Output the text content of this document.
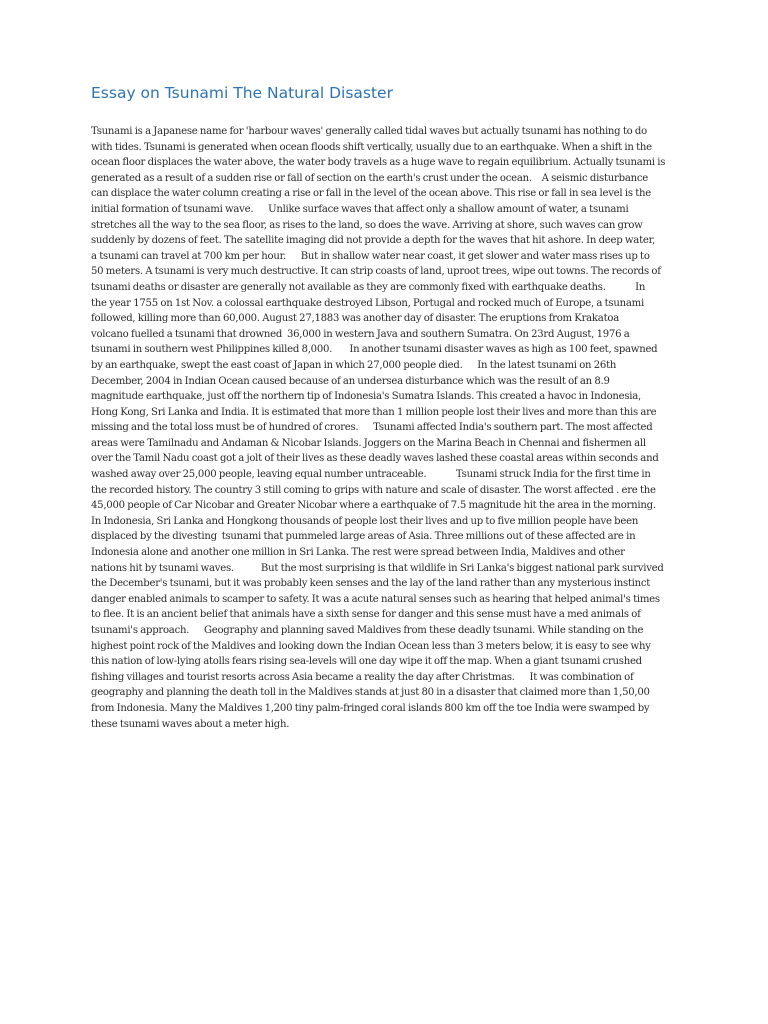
Essay on Tsunami The Natural Disaster
Tsunami is a Japanese name for 'harbour waves' generally called tidal waves but actually tsunami has nothing to do
with tides. Tsunami is generated when ocean floods shift vertically, usually due to an earthquake. When a shift in the
ocean floor displaces the water above, the water body travels as a huge wave to regain equilibrium. Actually tsunami is
generated as a result of a sudden rise or fall of section on the earth's crust under the ocean.    A seismic disturbance
can displace the water column creating a rise or fall in the level of the ocean above. This rise or fall in sea level is the
initial formation of tsunami wave.      Unlike surface waves that affect only a shallow amount of water, a tsunami
stretches all the way to the sea floor, as rises to the land, so does the wave. Arriving at shore, such waves can grow
suddenly by dozens of feet. The satellite imaging did not provide a depth for the waves that hit ashore. In deep water,
a tsunami can travel at 700 km per hour.      But in shallow water near coast, it get slower and water mass rises up to
50 meters. A tsunami is very much destructive. It can strip coasts of land, uproot trees, wipe out towns. The records of
tsunami deaths or disaster are generally not available as they are commonly fixed with earthquake deaths.            In
the year 1755 on 1st Nov. a colossal earthquake destroyed Libson, Portugal and rocked much of Europe, a tsunami
followed, killing more than 60,000. August 27,1883 was another day of disaster. The eruptions from Krakatoa
volcano fuelled a tsunami that drowned  36,000 in western Java and southern Sumatra. On 23rd August, 1976 a
tsunami in southern west Philippines killed 8,000.       In another tsunami disaster waves as high as 100 feet, spawned
by an earthquake, swept the east coast of Japan in which 27,000 people died.      In the latest tsunami on 26th
December, 2004 in Indian Ocean caused because of an undersea disturbance which was the result of an 8.9
magnitude earthquake, just off the northern tip of Indonesia's Sumatra Islands. This created a havoc in Indonesia,
Hong Kong, Sri Lanka and India. It is estimated that more than 1 million people lost their lives and more than this are
missing and the total loss must be of hundred of crores.      Tsunami affected India's southern part. The most affected
areas were Tamilnadu and Andaman & Nicobar Islands. Joggers on the Marina Beach in Chennai and fishermen all
over the Tamil Nadu coast got a jolt of their lives as these deadly waves lashed these coastal areas within seconds and
washed away over 25,000 people, leaving equal number untraceable.            Tsunami struck India for the first time in
the recorded history. The country 3 still coming to grips with nature and scale of disaster. The worst affected . ere the
45,000 people of Car Nicobar and Greater Nicobar where a earthquake of 7.5 magnitude hit the area in the morning.
In Indonesia, Sri Lanka and Hongkong thousands of people lost their lives and up to five million people have been
displaced by the divesting  tsunami that pummeled large areas of Asia. Three millions out of these affected are in
Indonesia alone and another one million in Sri Lanka. The rest were spread between India, Maldives and other
nations hit by tsunami waves.           But the most surprising is that wildlife in Sri Lanka's biggest national park survived
the December's tsunami, but it was probably keen senses and the lay of the land rather than any mysterious instinct
danger enabled animals to scamper to safety. It was a acute natural senses such as hearing that helped animal's times
to flee. It is an ancient belief that animals have a sixth sense for danger and this sense must have a med animals of
tsunami's approach.      Geography and planning saved Maldives from these deadly tsunami. While standing on the
highest point rock of the Maldives and looking down the Indian Ocean less than 3 meters below, it is easy to see why
this nation of low-lying atolls fears rising sea-levels will one day wipe it off the map. When a giant tsunami crushed
fishing villages and tourist resorts across Asia became a reality the day after Christmas.      It was combination of
geography and planning the death toll in the Maldives stands at just 80 in a disaster that claimed more than 1,50,00
from Indonesia. Many the Maldives 1,200 tiny palm-fringed coral islands 800 km off the toe India were swamped by
these tsunami waves about a meter high.
